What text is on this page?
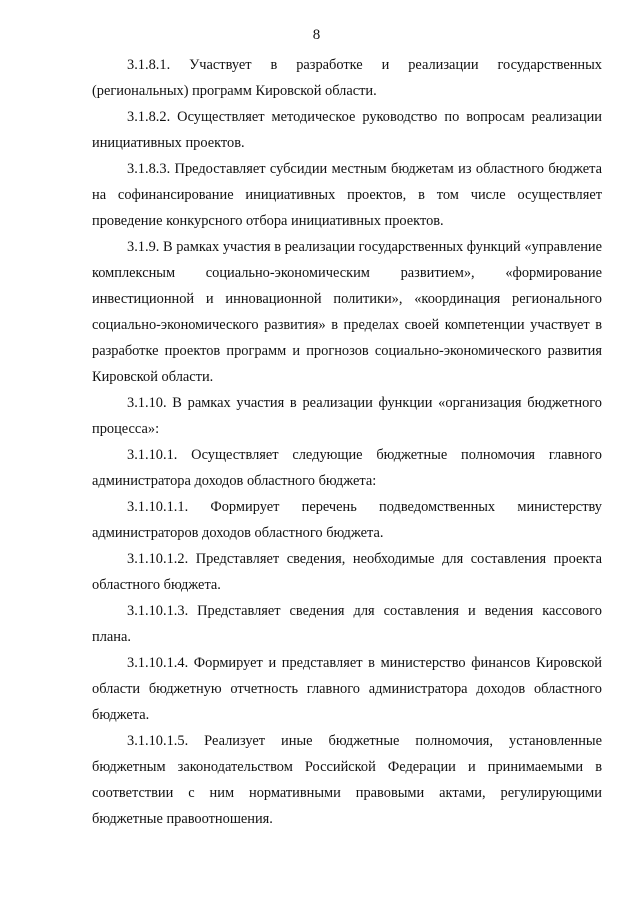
8

3.1.8.1. Участвует в разработке и реализации государственных (региональных) программ Кировской области.

3.1.8.2. Осуществляет методическое руководство по вопросам реализации инициативных проектов.

3.1.8.3. Предоставляет субсидии местным бюджетам из областного бюджета на софинансирование инициативных проектов, в том числе осуществляет проведение конкурсного отбора инициативных проектов.

3.1.9. В рамках участия в реализации государственных функций «управление комплексным социально-экономическим развитием», «формирование инвестиционной и инновационной политики», «координация регионального социально-экономического развития» в пределах своей компетенции участвует в разработке проектов программ и прогнозов социально-экономического развития Кировской области.

3.1.10. В рамках участия в реализации функции «организация бюджетного процесса»:

3.1.10.1. Осуществляет следующие бюджетные полномочия главного администратора доходов областного бюджета:

3.1.10.1.1. Формирует перечень подведомственных министерству администраторов доходов областного бюджета.

3.1.10.1.2. Представляет сведения, необходимые для составления проекта областного бюджета.

3.1.10.1.3. Представляет сведения для составления и ведения кассового плана.

3.1.10.1.4. Формирует и представляет в министерство финансов Кировской области бюджетную отчетность главного администратора доходов областного бюджета.

3.1.10.1.5. Реализует иные бюджетные полномочия, установленные бюджетным законодательством Российской Федерации и принимаемыми в соответствии с ним нормативными правовыми актами, регулирующими бюджетные правоотношения.
